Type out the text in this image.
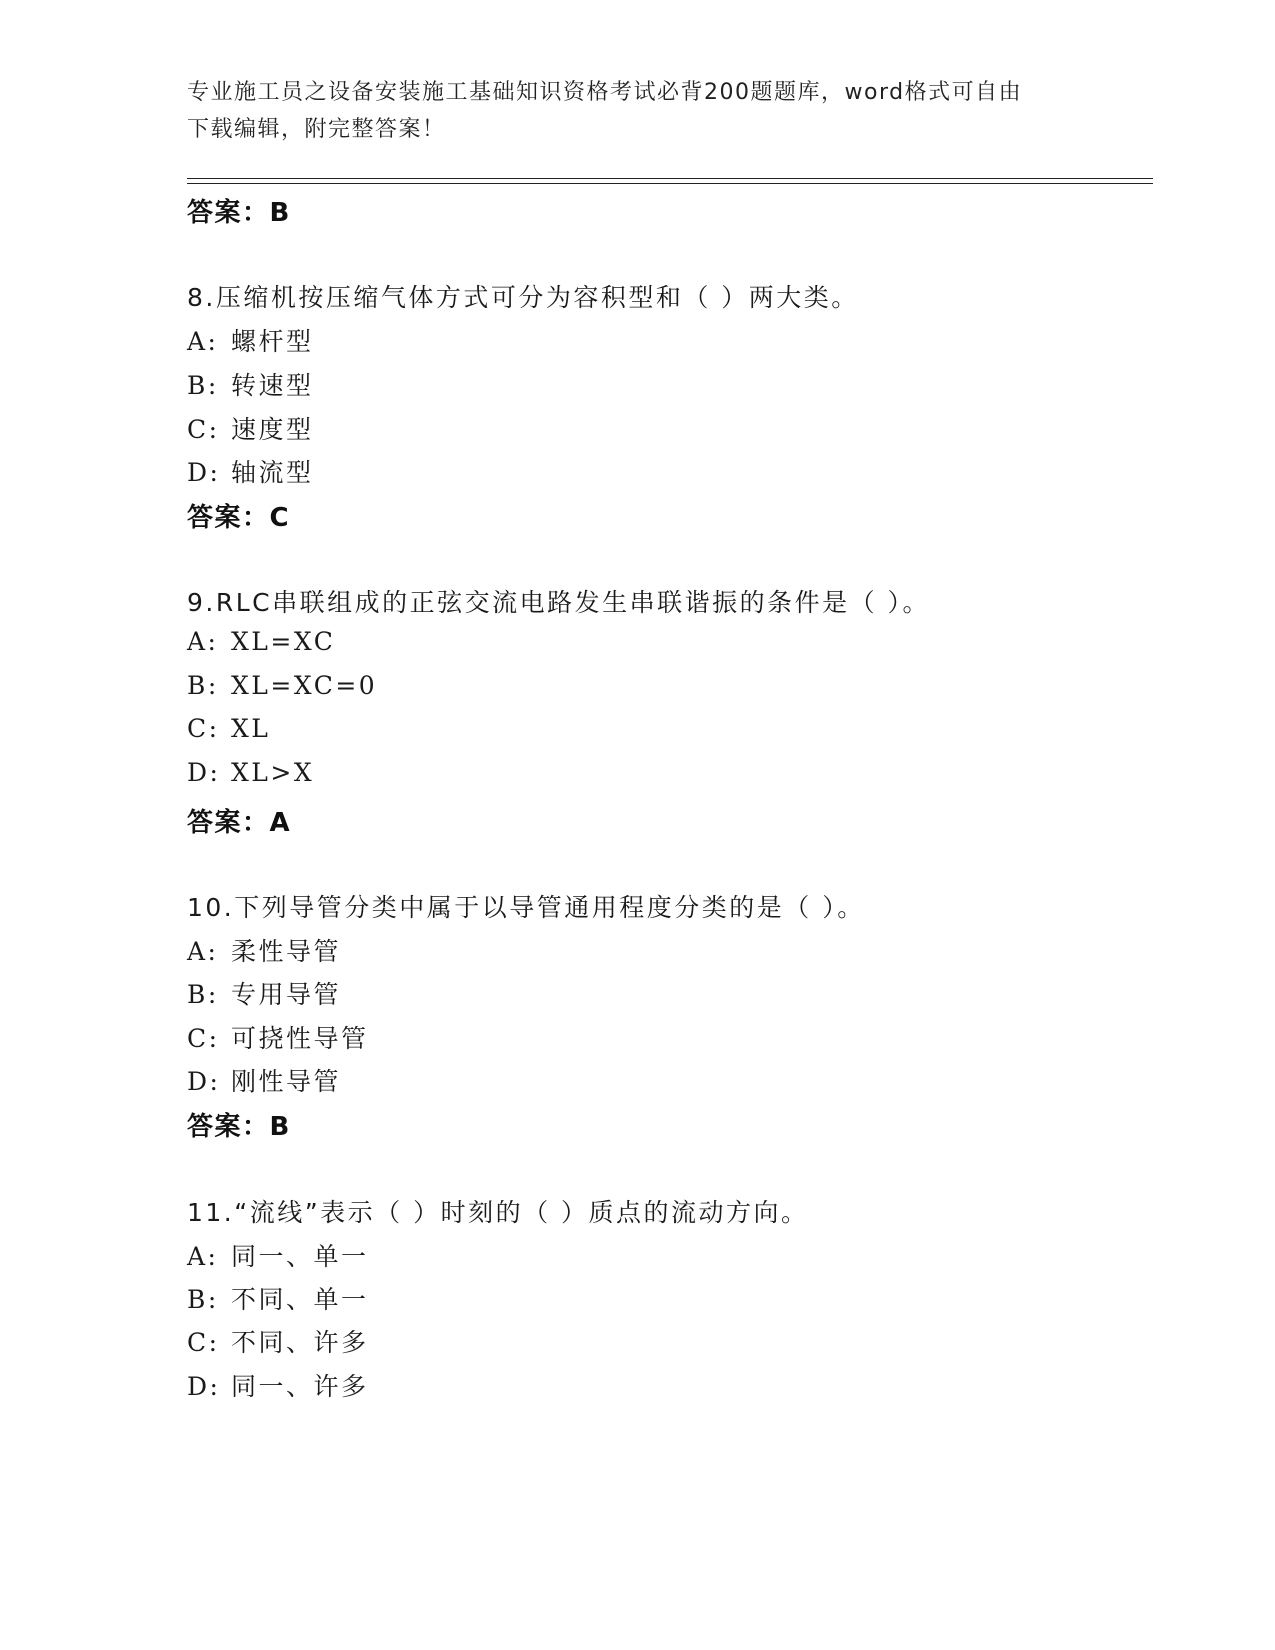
专业施工员之设备安装施工基础知识资格考试必背200题题库，word格式可自由
下载编辑，附完整答案！
答案：B
8.压缩机按压缩气体方式可分为容积型和（ ）两大类。
A: 螺杆型
B: 转速型
C: 速度型
D: 轴流型
答案：C
9.RLC串联组成的正弦交流电路发生串联谐振的条件是（ ）。
A: XL=XC
B: XL=XC=0
C: XL
D: XL>X
答案：A
10.下列导管分类中属于以导管通用程度分类的是（ ）。
A: 柔性导管
B: 专用导管
C: 可挠性导管
D: 刚性导管
答案：B
11.“流线”表示（ ）时刻的（ ）质点的流动方向。
A: 同一、单一
B: 不同、单一
C: 不同、许多
D: 同一、许多
